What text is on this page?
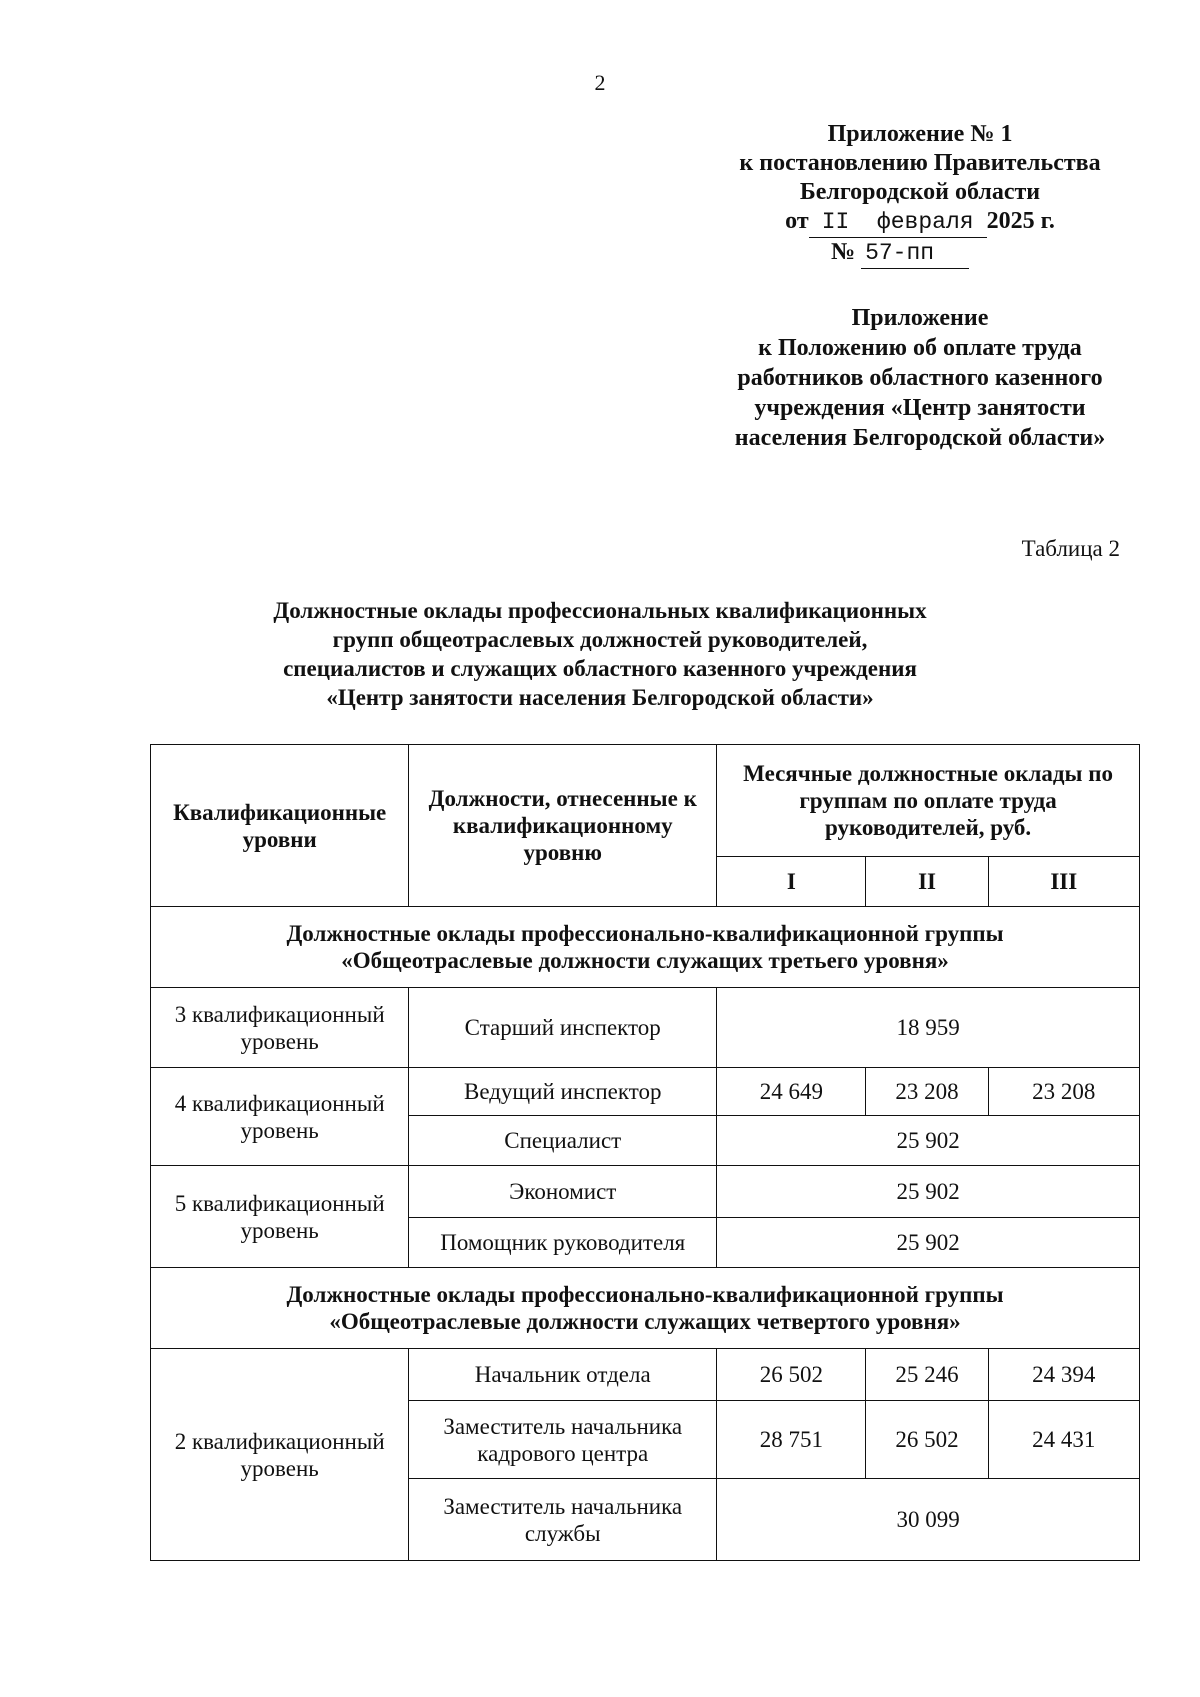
2
Приложение № 1
к постановлению Правительства
Белгородской области
от II  февраля 2025 г.
№ 57-пп
Приложение
к Положению об оплате труда
работников областного казенного
учреждения «Центр занятости
населения Белгородской области»
Таблица 2
Должностные оклады профессиональных квалификационных
групп общеотраслевых должностей руководителей,
специалистов и служащих областного казенного учреждения
«Центр занятости населения Белгородской области»
Квалификационные уровни	Должности, отнесенные к квалификационному уровню	Месячные должностные оклады по группам по оплате труда руководителей, руб.		
		I	II	III

Должностные оклады профессионально-квалификационной группы
«Общеотраслевые должности служащих третьего уровня»				

3 квалификационный уровень	Старший инспектор	18 959		
4 квалификационный уровень	Ведущий инспектор	24 649	23 208	23 208
	Специалист	25 902		
5 квалификационный уровень	Экономист	25 902		
	Помощник руководителя	25 902		

Должностные оклады профессионально-квалификационной группы
«Общеотраслевые должности служащих четвертого уровня»				

2 квалификационный уровень	Начальник отдела	26 502	25 246	24 394
	Заместитель начальника кадрового центра	28 751	26 502	24 431
	Заместитель начальника службы	30 099		
